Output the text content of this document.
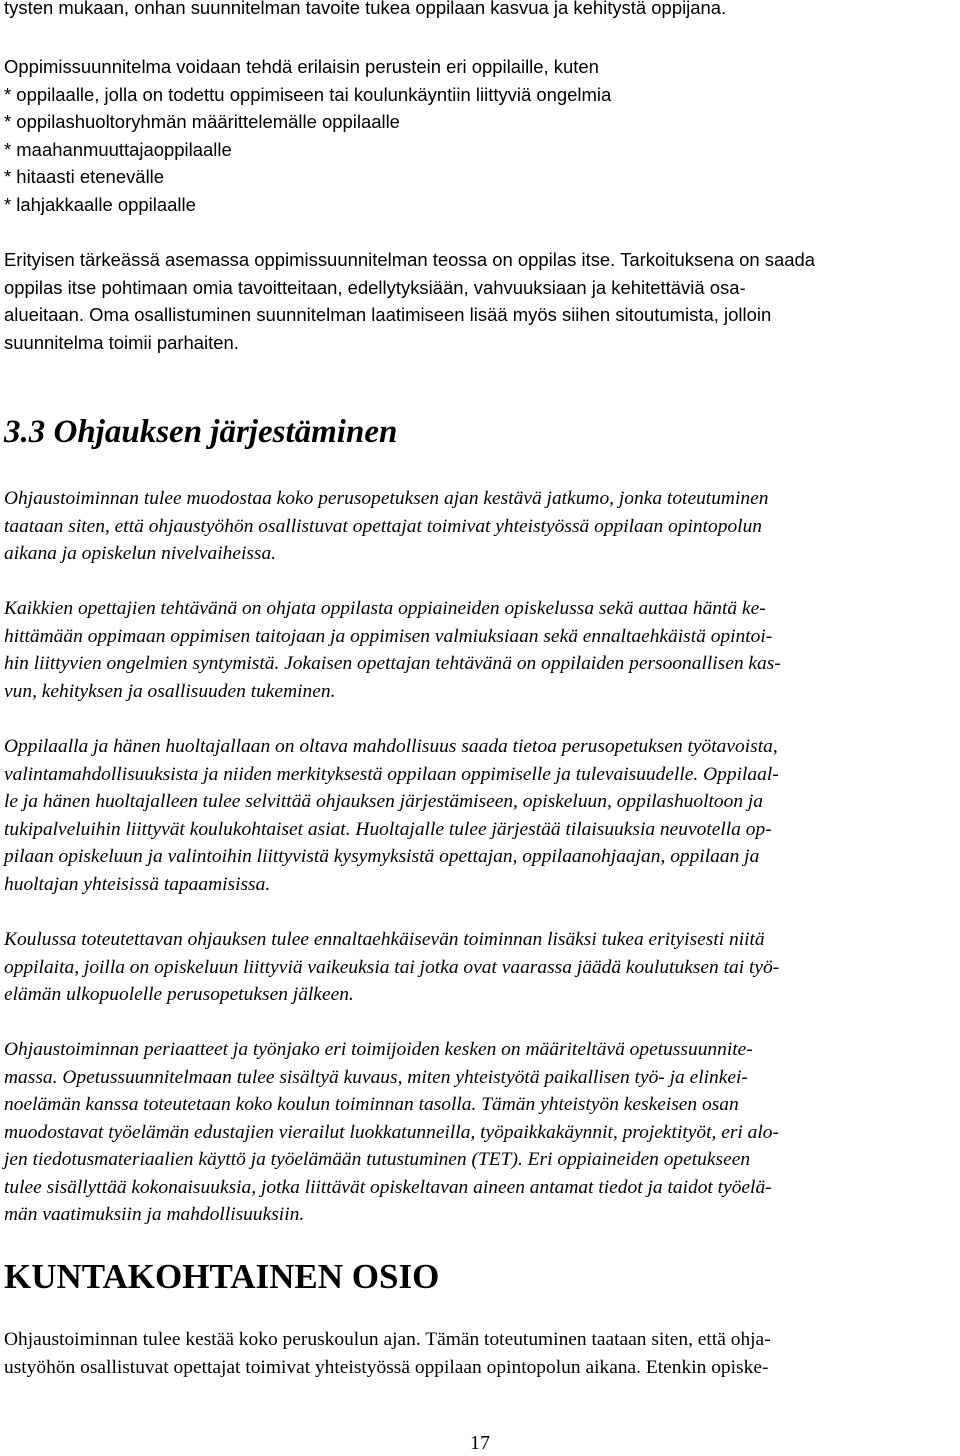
tysten mukaan, onhan suunnitelman tavoite tukea oppilaan kasvua ja kehitystä oppijana.

Oppimissuunnitelma voidaan tehdä erilaisin perustein eri oppilaille, kuten

* oppilaalle, jolla on todettu oppimiseen tai koulunkäyntiin liittyviä ongelmia

* oppilashuoltoryhmän määrittelemälle oppilaalle

* maahanmuuttajaoppilaalle

* hitaasti etenevälle

* lahjakkaalle oppilaalle

Erityisen tärkeässä asemassa oppimissuunnitelman teossa on oppilas itse. Tarkoituksena on saada

oppilas itse pohtimaan omia tavoitteitaan, edellytyksiään, vahvuuksiaan ja kehitettäviä osa-

alueitaan. Oma osallistuminen suunnitelman laatimiseen lisää myös siihen sitoutumista, jolloin

suunnitelma toimii parhaiten.

3.3 Ohjauksen järjestäminen

Ohjaustoiminnan tulee muodostaa koko perusopetuksen ajan kestävä jatkumo, jonka toteutuminen

taataan siten, että ohjaustyöhön osallistuvat opettajat toimivat yhteistyössä oppilaan opintopolun

aikana ja opiskelun nivelvaiheissa.

Kaikkien opettajien tehtävänä on ohjata oppilasta oppiaineiden opiskelussa sekä auttaa häntä ke-

hittämään oppimaan oppimisen taitojaan ja oppimisen valmiuksiaan sekä ennaltaehkäistä opintoi-

hin liittyvien ongelmien syntymistä. Jokaisen opettajan tehtävänä on oppilaiden persoonallisen kas-

vun, kehityksen ja osallisuuden tukeminen.

Oppilaalla ja hänen huoltajallaan on oltava mahdollisuus saada tietoa perusopetuksen työtavoista,

valintamahdollisuuksista ja niiden merkityksestä oppilaan oppimiselle ja tulevaisuudelle. Oppilaal-

le ja hänen huoltajalleen tulee selvittää ohjauksen järjestämiseen, opiskeluun, oppilashuoltoon ja

tukipalveluihin liittyvät koulukohtaiset asiat. Huoltajalle tulee järjestää tilaisuuksia neuvotella op-

pilaan opiskeluun ja valintoihin liittyvistä kysymyksistä opettajan, oppilaanohjaajan, oppilaan ja

huoltajan yhteisissä tapaamisissa.

Koulussa toteutettavan ohjauksen tulee ennaltaehkäisevän toiminnan lisäksi tukea erityisesti niitä

oppilaita, joilla on opiskeluun liittyviä vaikeuksia tai jotka ovat vaarassa jäädä koulutuksen tai työ-

elämän ulkopuolelle perusopetuksen jälkeen.

Ohjaustoiminnan periaatteet ja työnjako eri toimijoiden kesken on määriteltävä opetussuunnite-

massa. Opetussuunnitelmaan tulee sisältyä kuvaus, miten yhteistyötä paikallisen työ- ja elinkei-

noelämän kanssa toteutetaan koko koulun toiminnan tasolla. Tämän yhteistyön keskeisen osan

muodostavat työelämän edustajien vierailut luokkatunneilla, työpaikkakäynnit, projektityöt, eri alo-

jen tiedotusmateriaalien käyttö ja työelämään tutustuminen (TET). Eri oppiaineiden opetukseen

tulee sisällyttää kokonaisuuksia, jotka liittävät opiskeltavan aineen antamat tiedot ja taidot työelä-

män vaatimuksiin ja mahdollisuuksiin.

KUNTAKOHTAINEN OSIO

Ohjaustoiminnan tulee kestää koko peruskoulun ajan. Tämän toteutuminen taataan siten, että ohja-

ustyöhön osallistuvat opettajat toimivat yhteistyössä oppilaan opintopolun aikana. Etenkin opiske-

17
